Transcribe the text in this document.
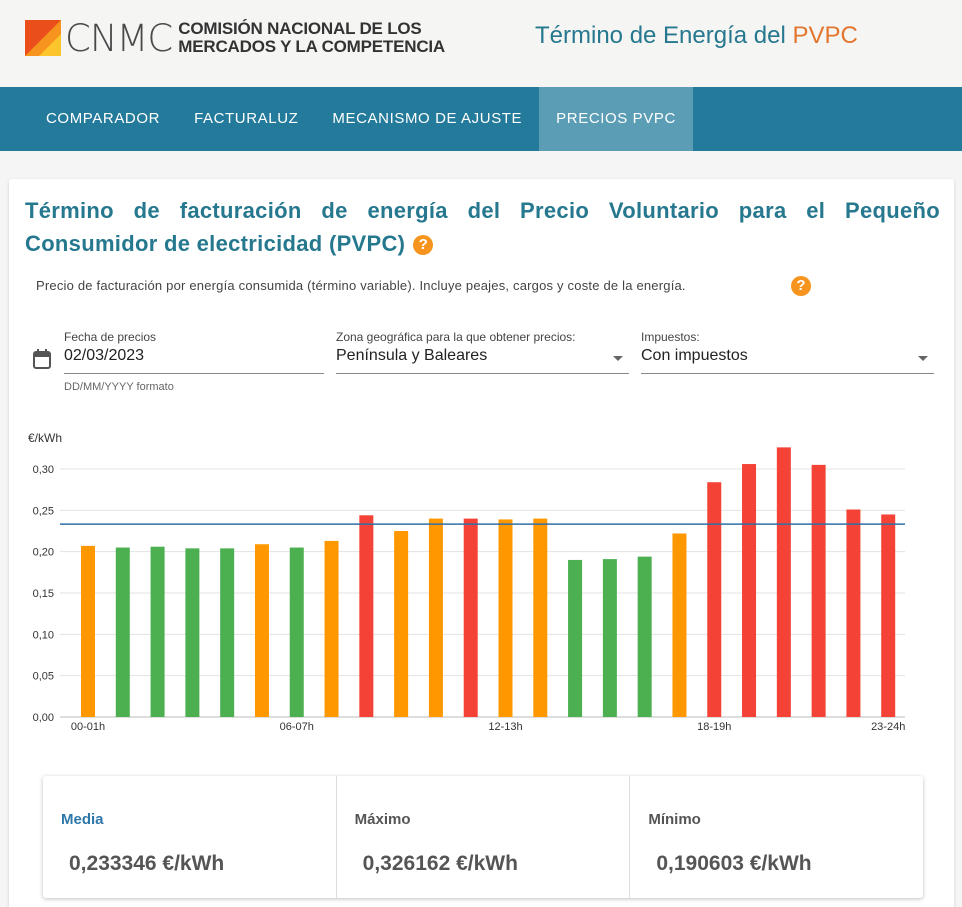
CNMC COMISIÓN NACIONAL DE LOS
MERCADOS Y LA COMPETENCIA	Término de Energía del PVPC
COMPARADOR	FACTURALUZ	MECANISMO DE AJUSTE	PRECIOS PVPC
Término de facturación de energía del Precio Voluntario para el Pequeño Consumidor de electricidad (PVPC) ?
Precio de facturación por energía consumida (término variable). Incluye peajes, cargos y coste de la energía.	?
Fecha de precios
02/03/2023
DD/MM/YYYY formato
Zona geográfica para la que obtener precios:
Península y Baleares
Impuestos:
Con impuestos
€/kWh
0,00
0,05
0,10
0,15
0,20
0,25
0,30
00-01h	06-07h	12-13h	18-19h	23-24h
Media
0,233346 €/kWh
Máximo
0,326162 €/kWh
Mínimo
0,190603 €/kWh
